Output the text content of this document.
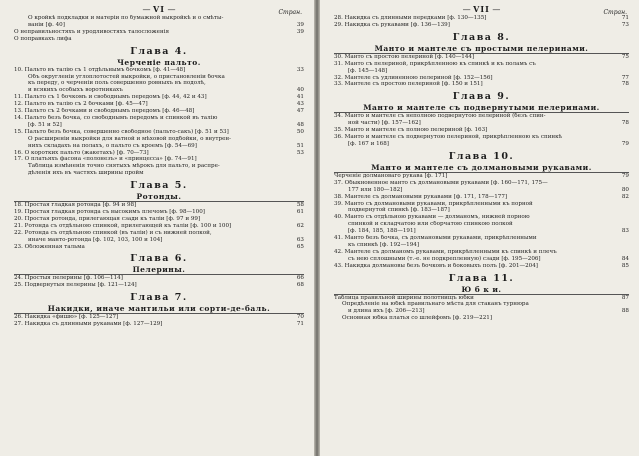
— VI —	Cmpaн.
О кройкѣ подкладки и матеріи по бумажной выкройкѣ и о смѣты-
ваніи [ф. 40]	39
О неправильностяхъ и уродливостяхъ талосложенія	39
О поправкахъ лифа
Глава 4.
Черченіе пальто.
10. Пальто въ талію съ 1 отдѣльнымъ бочкомъ [ф. 41—48]	33
Объ округленіи углоплотостей выкройки, о пристановленіи бочка
къ переду, о черченіи поль совершенно ровныхъ въ подолѣ,
и всякихъ особыхъ воротникахъ	40
11. Пальто съ 1 бочкомъ и свободнымъ передомъ [ф. 44, 42 и 43]	41
12. Пальто въ талію съ 2 бочками [ф. 45—47]	43
13. Пальто съ 2 бочками и свободнымъ передомъ [ф. 46—48]	47
14. Пальто безъ бочка, со свободнымъ передомъ и спинкой въ талію
[ф. 51 и 52]	48
15. Пальто безъ бочка, совершенно свободное (пальто-сакъ) [ф. 51 и 53]	50
О расширеніи выкройки для ватной и мѣховой подбойки, о внутрен-
нихъ складахъ на полахъ, о пальто съ кроемъ [ф. 54—69]	51
16. О коротких пальто (жакетахъ) [ф. 70—73]	53
17. О платьяхъ фасона «полонезъ» и «принцесса» [ф. 74—91]
Таблица измѣненія точно снятыхъ мѣрокъ для пальто, и распре-
дѣленія ихъ въ частяхъ ширины пройм
Глава 5.
Ротонды.
18. Простая гладкая ротонда [ф. 94 и 98]	58
19. Простая гладкая ротонда съ высокимъ плечомъ [ф. 98—100]	61
20. Простая ротонда, прилегающая сзади къ таліи [ф. 97 и 99]
21. Ротонда съ отдѣльною спинкой, прилегающей къ таліи [ф. 100 и 100]	62
22. Ротонда съ отдѣльною спинкой (въ таліи) и съ нижней полкой,
иначе манто-ротонда [ф. 102, 103, 100 и 104]	63
23. Обложенная тальма	65
Глава 6.
Пелерины.
24. Простыя пелерины [ф. 106—114]	66
25. Подвернутыя пелерины [ф. 121—124]	68
Глава 7.
Накидки, иначе мантильи или сорти-де-баль.
26. Накидка «фишю» [ф. 125—127]	70
27. Накидка съ длинными рукавами [ф. 127—129]	71
— VII —	Cmpaн.
28. Накидка съ длинными передками [ф. 130—135]	71
29. Накидка съ рукавами [ф. 136—139]	73
Глава 8.
Манто и мантеле съ простыми пелеринами.
30. Манто съ простою пелериной [ф. 140—144]	75
31. Манто съ пелериной, прикрѣпленною къ спинкѣ и къ поламъ съ
[ф. 145—148]
32. Мантеле съ удлиненною пелериной [ф. 152—156]	77
33. Мантеле съ простою пелериной [ф. 150 и 151]	78
Глава 9.
Манто и мантеле съ подвернутыми пелеринами.
34. Манто и мантеле съ неполною подвернутою пелериной (безъ спин-
ной части) [ф. 157—162]	78
35. Манто и мантеле съ полною пелериной [ф. 163]
36. Манто и мантеле съ подвернутою пелериной, прикрѣпленною къ спинкѣ
[ф. 167 и 168]	79
Глава 10.
Манто и мантеле съ долмановыми рукавами.
Черченіе долмановаго рукава [ф. 171]	79
37. Обыкновенное манто съ долмановыми рукавами [ф. 160—171, 175—
177 или 180—182]	80
38. Мантеле съ долмановыми рукавами [ф. 171, 178—177]	82
39. Манто съ долмановыми рукавами, прикрѣпленными къ порной
подвернутой спинкѣ [ф. 183—187]
40. Манто съ отдѣльною рукавами — долманомъ, нижней порною
спинкой и складчатою или сборчатою спинкою полкой
[ф. 184, 185, 188—191]	83
41. Манто безъ бочка, съ долмановыми рукавами, прикрѣпленными
къ спинкѣ [ф. 192—194]
42. Мантеле съ долманомъ рукавами, прикрѣпленными къ спинкѣ и плечъ
съ нею сплошными (т.-е. не подкрепленную) сзади [ф. 195—206]	84
43. Накидка долмановы безъ бочковъ и боковыхъ полъ [ф. 201—204]	85
Глава 11.
Ю б к и.
Таблица правильной ширины полотнищъ юбки	87
Опредѣленіе на юбкѣ правильнаго мѣста для стаканъ турнюра
и длина ихъ [ф. 206—213]	88
Основная юбка платья со шлейфомъ [ф. 219—221]
